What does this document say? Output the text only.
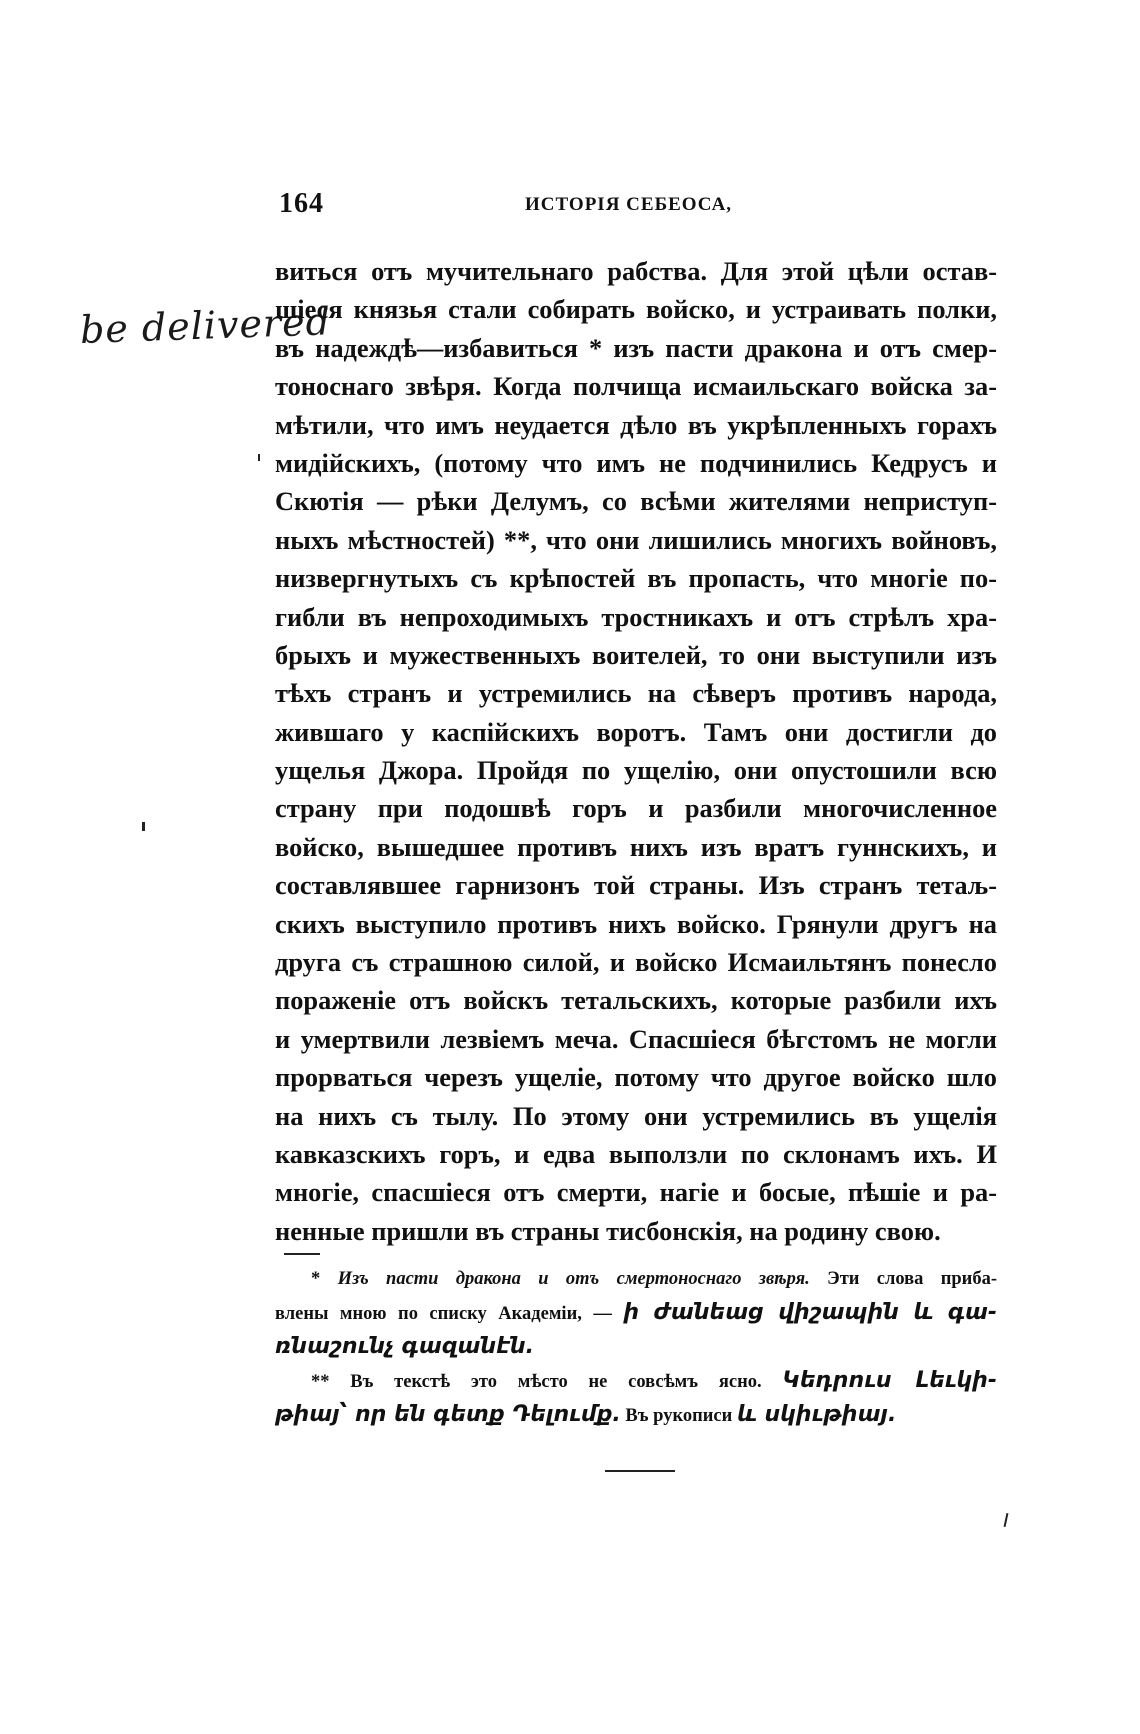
164	ИСТОРІЯ СЕБЕОСА,
be delivered
виться отъ мучительнаго рабства. Для этой цѣли остав-
шіеся князья стали собирать войско, и устраивать полки,
въ надеждѣ—избавиться * изъ пасти дракона и отъ смер-
тоноснаго звѣря. Когда полчища исмаильскаго войска за-
мѣтили, что имъ неудается дѣло въ укрѣпленныхъ горахъ
мидійскихъ, (потому что имъ не подчинились Кедрусъ и
Скютія — рѣки Делумъ, со всѣми жителями неприступ-
ныхъ мѣстностей) **, что они лишились многихъ войновъ,
низвергнутыхъ съ крѣпостей въ пропасть, что многіе по-
гибли въ непроходимыхъ тростникахъ и отъ стрѣлъ хра-
брыхъ и мужественныхъ воителей, то они выступили изъ
тѣхъ странъ и устремились на сѣверъ противъ народа,
жившаго у каспійскихъ воротъ. Тамъ они достигли до
ущелья Джора. Пройдя по ущелію, они опустошили всю
страну при подошвѣ горъ и разбили многочисленное
войско, вышедшее противъ нихъ изъ вратъ гуннскихъ, и
составлявшее гарнизонъ той страны. Изъ странъ тетаљ-
скихъ выступило противъ нихъ войско. Грянули другъ на
друга съ страшною силой, и войско Исмаильтянъ понесло
пораженіе отъ войскъ тетальскихъ, которые разбили ихъ
и умертвили лезвіемъ меча. Спасшіеся бѣгстомъ не могли
прорваться черезъ ущеліе, потому что другое войско шло
на нихъ съ тылу. По этому они устремились въ ущелія
кавказскихъ горъ, и едва выползли по склонамъ ихъ. И
многіе, спасшіеся отъ смерти, нагіе и босые, пѣшіе и ра-
ненные пришли въ страны тисбонскія, на родину свою.
* Изъ пасти дракона и отъ смертоноснаго звѣря. Эти слова приба-
влены мною по списку Академіи, — ի ժանեաց վիշապին և գա-
ռնաշունչ գազանէն.
** Въ текстѣ это мѣсто не совсѣмъ ясно. Կեդրուս Լեւկի-
թիայ՝ որ են գետք Դելումք. Въ рукописи և սկիւթիայ.
